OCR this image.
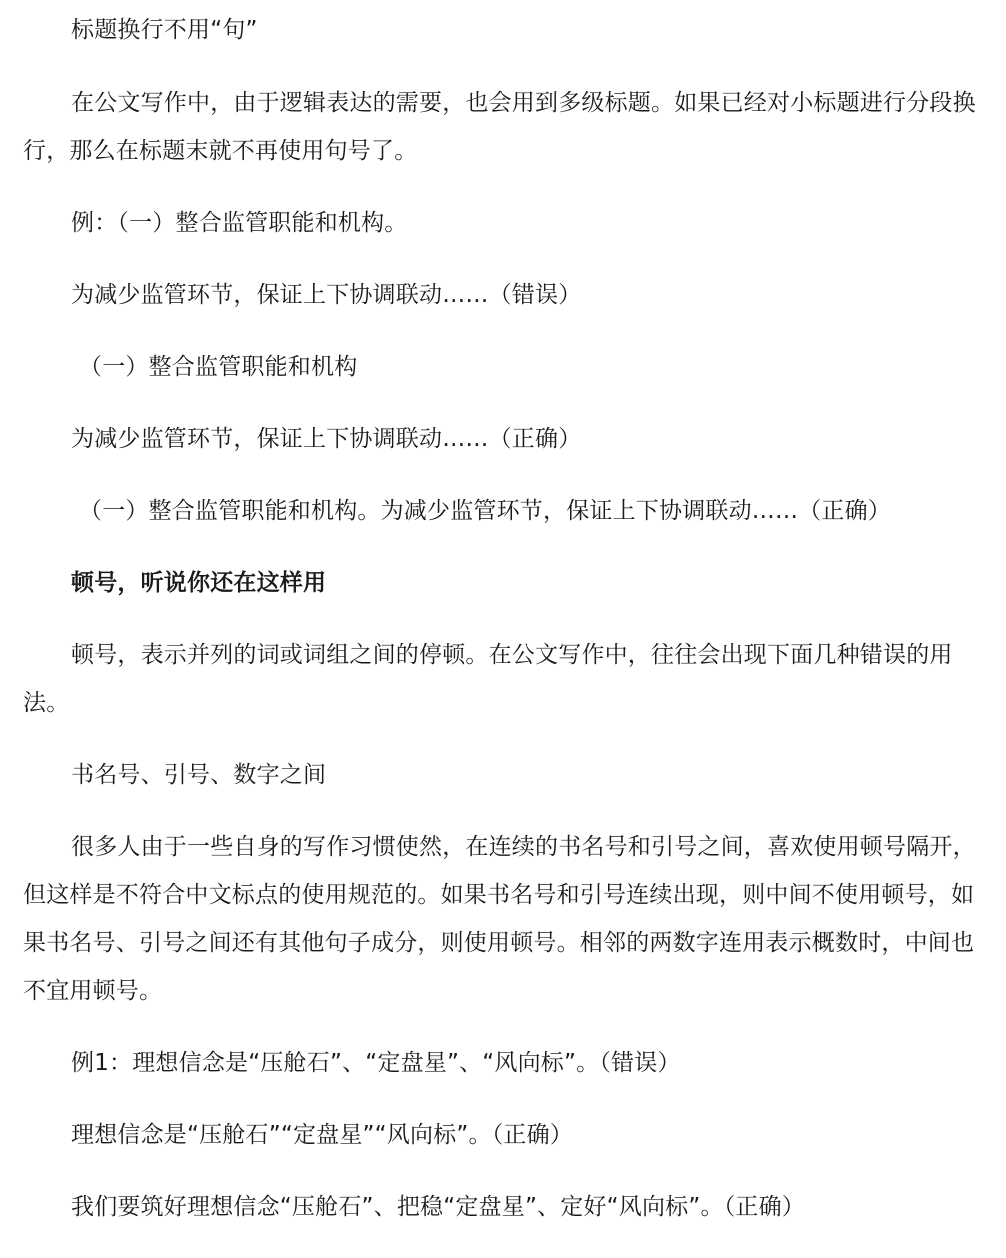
标题换行不用“句”

在公文写作中，由于逻辑表达的需要，也会用到多级标题。如果已经对小标题进行分段换行，那么在标题末就不再使用句号了。

例：（一）整合监管职能和机构。

为减少监管环节，保证上下协调联动……（错误）

（一）整合监管职能和机构

为减少监管环节，保证上下协调联动……（正确）

（一）整合监管职能和机构。为减少监管环节，保证上下协调联动……（正确）

顿号，听说你还在这样用

顿号，表示并列的词或词组之间的停顿。在公文写作中，往往会出现下面几种错误的用法。

书名号、引号、数字之间

很多人由于一些自身的写作习惯使然，在连续的书名号和引号之间，喜欢使用顿号隔开，但这样是不符合中文标点的使用规范的。如果书名号和引号连续出现，则中间不使用顿号，如果书名号、引号之间还有其他句子成分，则使用顿号。相邻的两数字连用表示概数时，中间也不宜用顿号。

例1：理想信念是“压舱石”、“定盘星”、“风向标”。（错误）

理想信念是“压舱石”“定盘星”“风向标”。（正确）

我们要筑好理想信念“压舱石”、把稳“定盘星”、定好“风向标”。（正确）
